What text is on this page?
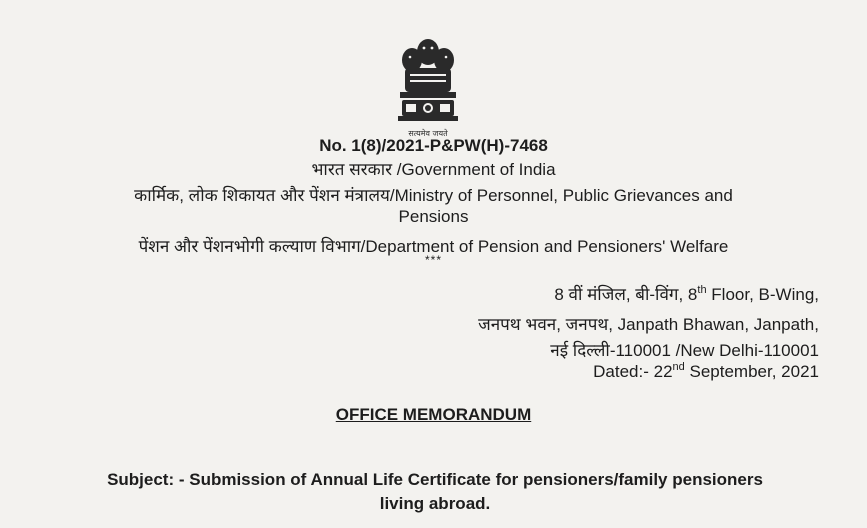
सत्यमेव जयते
No. 1(8)/2021-P&PW(H)-7468
भारत सरकार /Government of India
कार्मिक, लोक शिकायत और पेंशन मंत्रालय/Ministry of Personnel, Public Grievances and
Pensions
पेंशन और पेंशनभोगी कल्याण विभाग/Department of Pension and Pensioners' Welfare
***
8 वीं मंजिल, बी-विंग, 8th Floor, B-Wing,
जनपथ भवन, जनपथ, Janpath Bhawan, Janpath,
नई दिल्ली-110001 /New Delhi-110001
Dated:- 22nd September, 2021
OFFICE MEMORANDUM
Subject: - Submission of Annual Life Certificate for pensioners/family pensioners
living abroad.
